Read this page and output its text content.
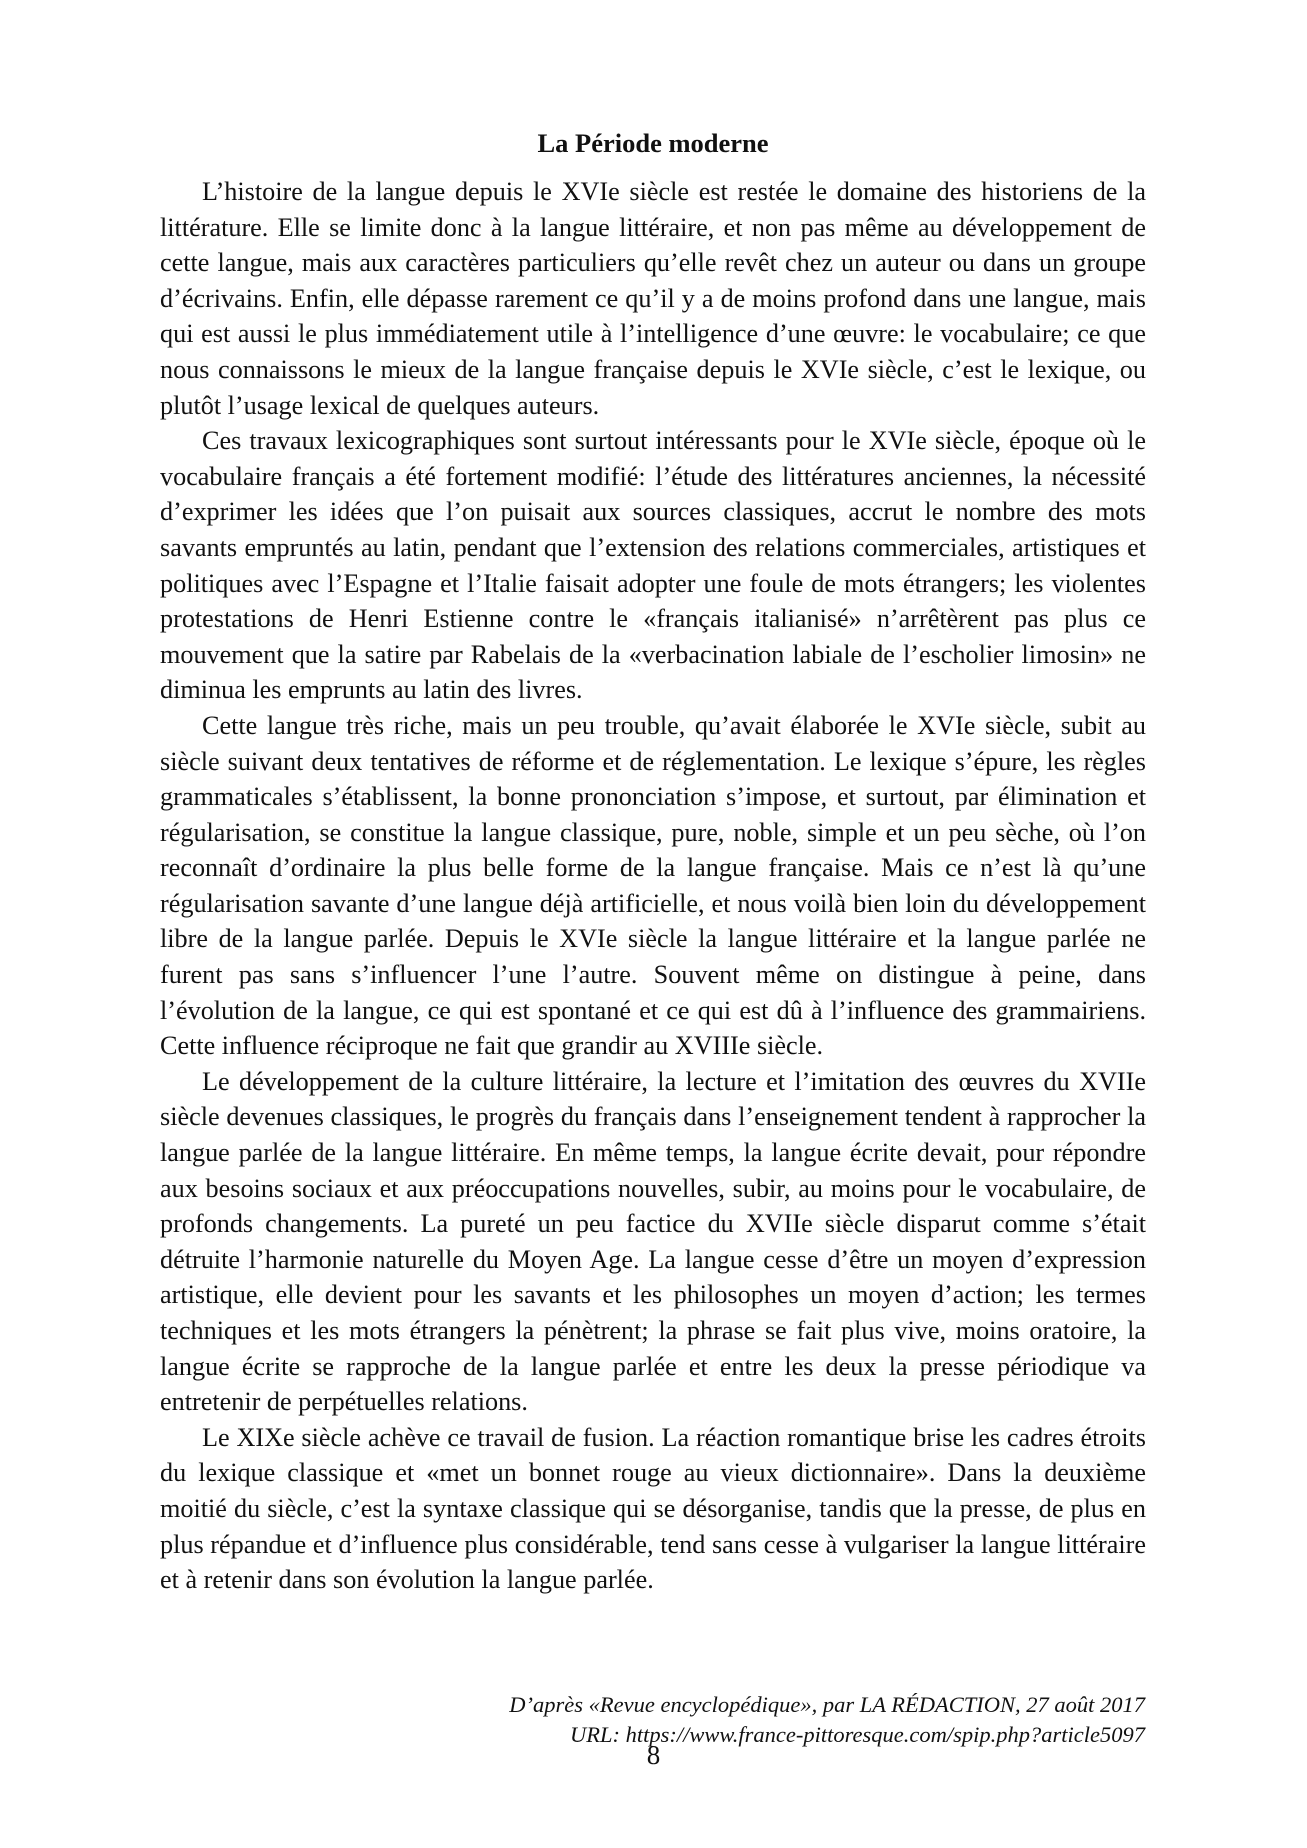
La Période moderne

L’histoire de la langue depuis le XVIe siècle est restée le domaine des historiens de la littérature. Elle se limite donc à la langue littéraire, et non pas même au développement de cette langue, mais aux caractères particuliers qu’elle revêt chez un auteur ou dans un groupe d’écrivains. Enfin, elle dépasse rarement ce qu’il y a de moins profond dans une langue, mais qui est aussi le plus immédiatement utile à l’intelligence d’une œuvre: le vocabulaire; ce que nous connaissons le mieux de la langue française depuis le XVIe siècle, c’est le lexique, ou plutôt l’usage lexical de quelques auteurs.

Ces travaux lexicographiques sont surtout intéressants pour le XVIe siècle, époque où le vocabulaire français a été fortement modifié: l’étude des littératures anciennes, la nécessité d’exprimer les idées que l’on puisait aux sources classiques, accrut le nombre des mots savants empruntés au latin, pendant que l’extension des relations commerciales, artistiques et politiques avec l’Espagne et l’Italie faisait adopter une foule de mots étrangers; les violentes protestations de Henri Estienne contre le «français italianisé» n’arrêtèrent pas plus ce mouvement que la satire par Rabelais de la «verbacination labiale de l’escholier limosin» ne diminua les emprunts au latin des livres.

Cette langue très riche, mais un peu trouble, qu’avait élaborée le XVIe siècle, subit au siècle suivant deux tentatives de réforme et de réglementation. Le lexique s’épure, les règles grammaticales s’établissent, la bonne prononciation s’impose, et surtout, par élimination et régularisation, se constitue la langue classique, pure, noble, simple et un peu sèche, où l’on reconnaît d’ordinaire la plus belle forme de la langue française. Mais ce n’est là qu’une régularisation savante d’une langue déjà artificielle, et nous voilà bien loin du développement libre de la langue parlée. Depuis le XVIe siècle la langue littéraire et la langue parlée ne furent pas sans s’influencer l’une l’autre. Souvent même on distingue à peine, dans l’évolution de la langue, ce qui est spontané et ce qui est dû à l’influence des grammairiens. Cette influence réciproque ne fait que grandir au XVIIIe siècle.

Le développement de la culture littéraire, la lecture et l’imitation des œuvres du XVIIe siècle devenues classiques, le progrès du français dans l’enseignement tendent à rapprocher la langue parlée de la langue littéraire. En même temps, la langue écrite devait, pour répondre aux besoins sociaux et aux préoccupations nouvelles, subir, au moins pour le vocabulaire, de profonds changements. La pureté un peu factice du XVIIe siècle disparut comme s’était détruite l’harmonie naturelle du Moyen Age. La langue cesse d’être un moyen d’expression artistique, elle devient pour les savants et les philosophes un moyen d’action; les termes techniques et les mots étrangers la pénètrent; la phrase se fait plus vive, moins oratoire, la langue écrite se rapproche de la langue parlée et entre les deux la presse périodique va entretenir de perpétuelles relations.

Le XIXe siècle achève ce travail de fusion. La réaction romantique brise les cadres étroits du lexique classique et «met un bonnet rouge au vieux dictionnaire». Dans la deuxième moitié du siècle, c’est la syntaxe classique qui se désorganise, tandis que la presse, de plus en plus répandue et d’influence plus considérable, tend sans cesse à vulgariser la langue littéraire et à retenir dans son évolution la langue parlée.

D’après «Revue encyclopédique», par LA RÉDACTION, 27 août 2017
URL: https://www.france-pittoresque.com/spip.php?article5097
8
